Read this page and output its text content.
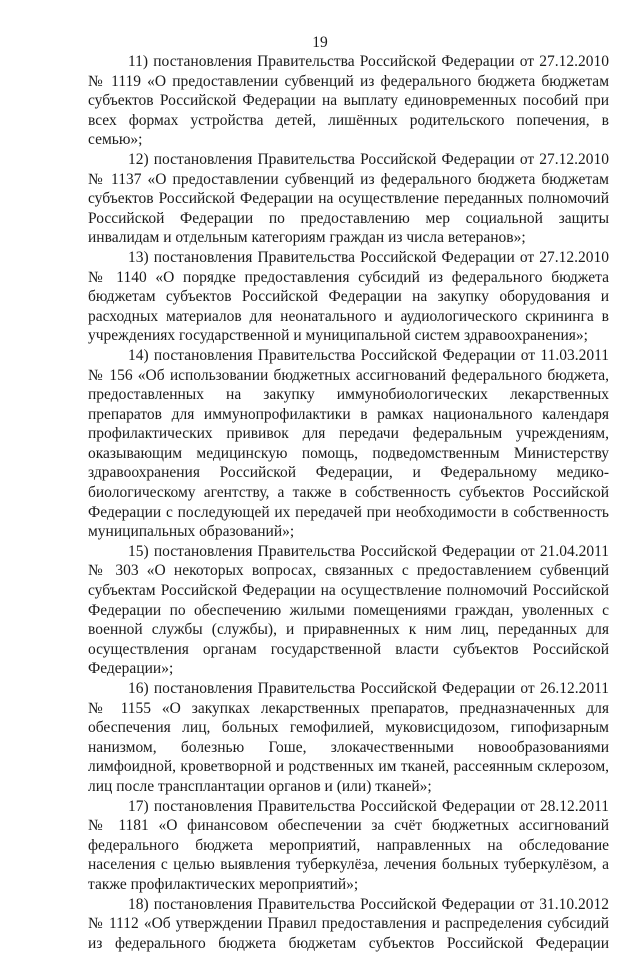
19

11) постановления Правительства Российской Федерации от 27.12.2010 № 1119 «О предоставлении субвенций из федерального бюджета бюджетам субъектов Российской Федерации на выплату единовременных пособий при всех формах устройства детей, лишённых родительского попечения, в семью»;

12) постановления Правительства Российской Федерации от 27.12.2010 № 1137 «О предоставлении субвенций из федерального бюджета бюджетам субъектов Российской Федерации на осуществление переданных полномочий Российской Федерации по предоставлению мер социальной защиты инвалидам и отдельным категориям граждан из числа ветеранов»;

13) постановления Правительства Российской Федерации от 27.12.2010 № 1140 «О порядке предоставления субсидий из федерального бюджета бюджетам субъектов Российской Федерации на закупку оборудования и расходных материалов для неонатального и аудиологического скрининга в учреждениях государственной и муниципальной систем здравоохранения»;

14) постановления Правительства Российской Федерации от 11.03.2011 № 156 «Об использовании бюджетных ассигнований федерального бюджета, предоставленных на закупку иммунобиологических лекарственных препаратов для иммунопрофилактики в рамках национального календаря профилактических прививок для передачи федеральным учреждениям, оказывающим медицинскую помощь, подведомственным Министерству здравоохранения Российской Федерации, и Федеральному медико-биологическому агентству, а также в собственность субъектов Российской Федерации с последующей их передачей при необходимости в собственность муниципальных образований»;

15) постановления Правительства Российской Федерации от 21.04.2011 № 303 «О некоторых вопросах, связанных с предоставлением субвенций субъектам Российской Федерации на осуществление полномочий Российской Федерации по обеспечению жилыми помещениями граждан, уволенных с военной службы (службы), и приравненных к ним лиц, переданных для осуществления органам государственной власти субъектов Российской Федерации»;

16) постановления Правительства Российской Федерации от 26.12.2011 № 1155 «О закупках лекарственных препаратов, предназначенных для обеспечения лиц, больных гемофилией, муковисцидозом, гипофизарным нанизмом, болезнью Гоше, злокачественными новообразованиями лимфоидной, кроветворной и родственных им тканей, рассеянным склерозом, лиц после трансплантации органов и (или) тканей»;

17) постановления Правительства Российской Федерации от 28.12.2011 № 1181 «О финансовом обеспечении за счёт бюджетных ассигнований федерального бюджета мероприятий, направленных на обследование населения с целью выявления туберкулёза, лечения больных туберкулёзом, а также профилактических мероприятий»;

18) постановления Правительства Российской Федерации от 31.10.2012 № 1112 «Об утверждении Правил предоставления и распределения субсидий из федерального бюджета бюджетам субъектов Российской Федерации
